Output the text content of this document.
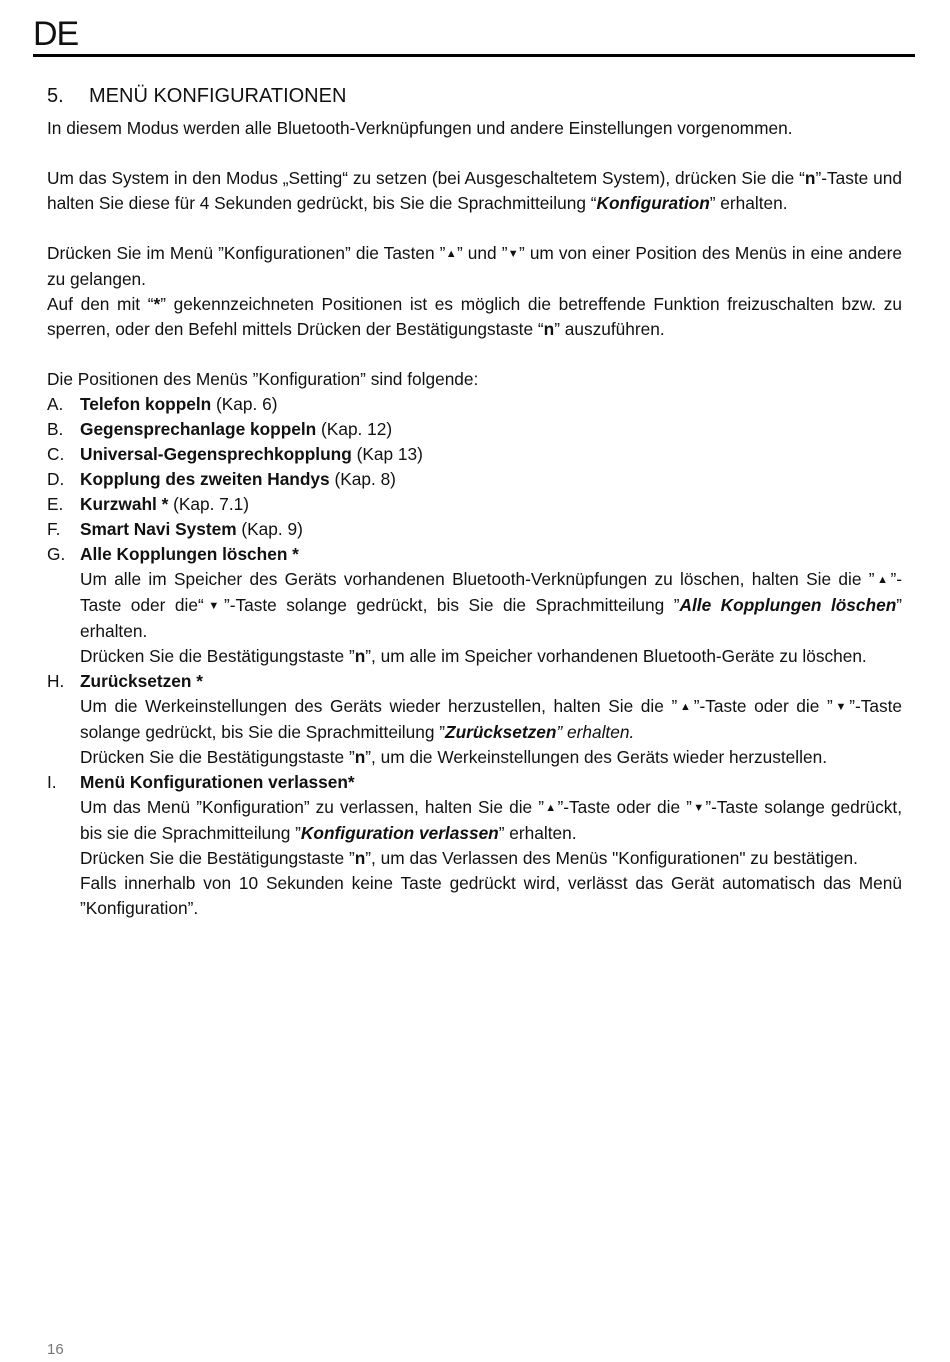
DE
5. MENÜ KONFIGURATIONEN

In diesem Modus werden alle Bluetooth-Verknüpfungen und andere Einstellungen vorgenommen.

Um das System in den Modus „Setting“ zu setzen (bei Ausgeschaltetem System), drücken Sie die “n”-Taste und halten Sie diese für 4 Sekunden gedrückt, bis Sie die Sprachmitteilung “Konfiguration” erhalten.

Drücken Sie im Menü ”Konfigurationen” die Tasten ”▲” und ”▼” um von einer Position des Menüs in eine andere zu gelangen.

Auf den mit “*” gekennzeichneten Positionen ist es möglich die betreffende Funktion freizuschalten bzw. zu sperren, oder den Befehl mittels Drücken der Bestätigungstaste “n” auszuführen.

Die Positionen des Menüs ”Konfiguration” sind folgende:

A. Telefon koppeln (Kap. 6)
B. Gegensprechanlage koppeln (Kap. 12)
C. Universal-Gegensprechkopplung (Kap 13)
D. Kopplung des zweiten Handys (Kap. 8)
E. Kurzwahl * (Kap. 7.1)
F. Smart Navi System (Kap. 9)
G. Alle Kopplungen löschen *

Um alle im Speicher des Geräts vorhandenen Bluetooth-Verknüpfungen zu löschen, halten Sie die ”▲”-Taste oder die“▼”-Taste solange gedrückt, bis Sie die Sprachmitteilung ”Alle Kopplungen löschen” erhalten.

Drücken Sie die Bestätigungstaste ”n”, um alle im Speicher vorhandenen Bluetooth-Geräte zu löschen.

H. Zurücksetzen *

Um die Werkeinstellungen des Geräts wieder herzustellen, halten Sie die ”▲”-Taste oder die ”▼”-Taste solange gedrückt, bis Sie die Sprachmitteilung ”Zurücksetzen” erhalten.

Drücken Sie die Bestätigungstaste ”n”, um die Werkeinstellungen des Geräts wieder herzustellen.

I. Menü Konfigurationen verlassen*

Um das Menü ”Konfiguration” zu verlassen, halten Sie die ”▲”-Taste oder die ”▼”-Taste solange gedrückt, bis sie die Sprachmitteilung ”Konfiguration verlassen” erhalten.

Drücken Sie die Bestätigungstaste ”n”, um das Verlassen des Menüs "Konfigurationen" zu bestätigen.

Falls innerhalb von 10 Sekunden keine Taste gedrückt wird, verlässt das Gerät automatisch das Menü ”Konfiguration”.

16
